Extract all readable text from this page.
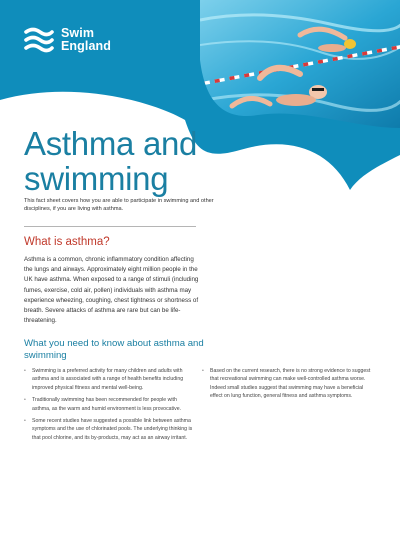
Swim
England
Asthma and
swimming

This fact sheet covers how you are able to participate in swimming and other disciplines, if you are living with asthma.

What is asthma?

Asthma is a common, chronic inflammatory condition affecting the lungs and airways. Approximately eight million people in the UK have asthma. When exposed to a range of stimuli (including fumes, exercise, cold air, pollen) individuals with asthma may experience wheezing, coughing, chest tightness or shortness of breath. Severe attacks of asthma are rare but can be life-threatening.

What you need to know about asthma and swimming
• Swimming is a preferred activity for many children and adults with asthma and is associated with a range of health benefits including improved physical fitness and mental well-being.
• Traditionally swimming has been recommended for people with asthma, as the warm and humid environment is less provocative.
• Some recent studies have suggested a possible link between asthma symptoms and the use of chlorinated pools. The underlying thinking is that pool chlorine, and its by-products, may act as an airway irritant.
• Based on the current research, there is no strong evidence to suggest that recreational swimming can make well-controlled asthma worse. Indeed small studies suggest that swimming may have a beneficial effect on lung function, general fitness and asthma symptoms.
